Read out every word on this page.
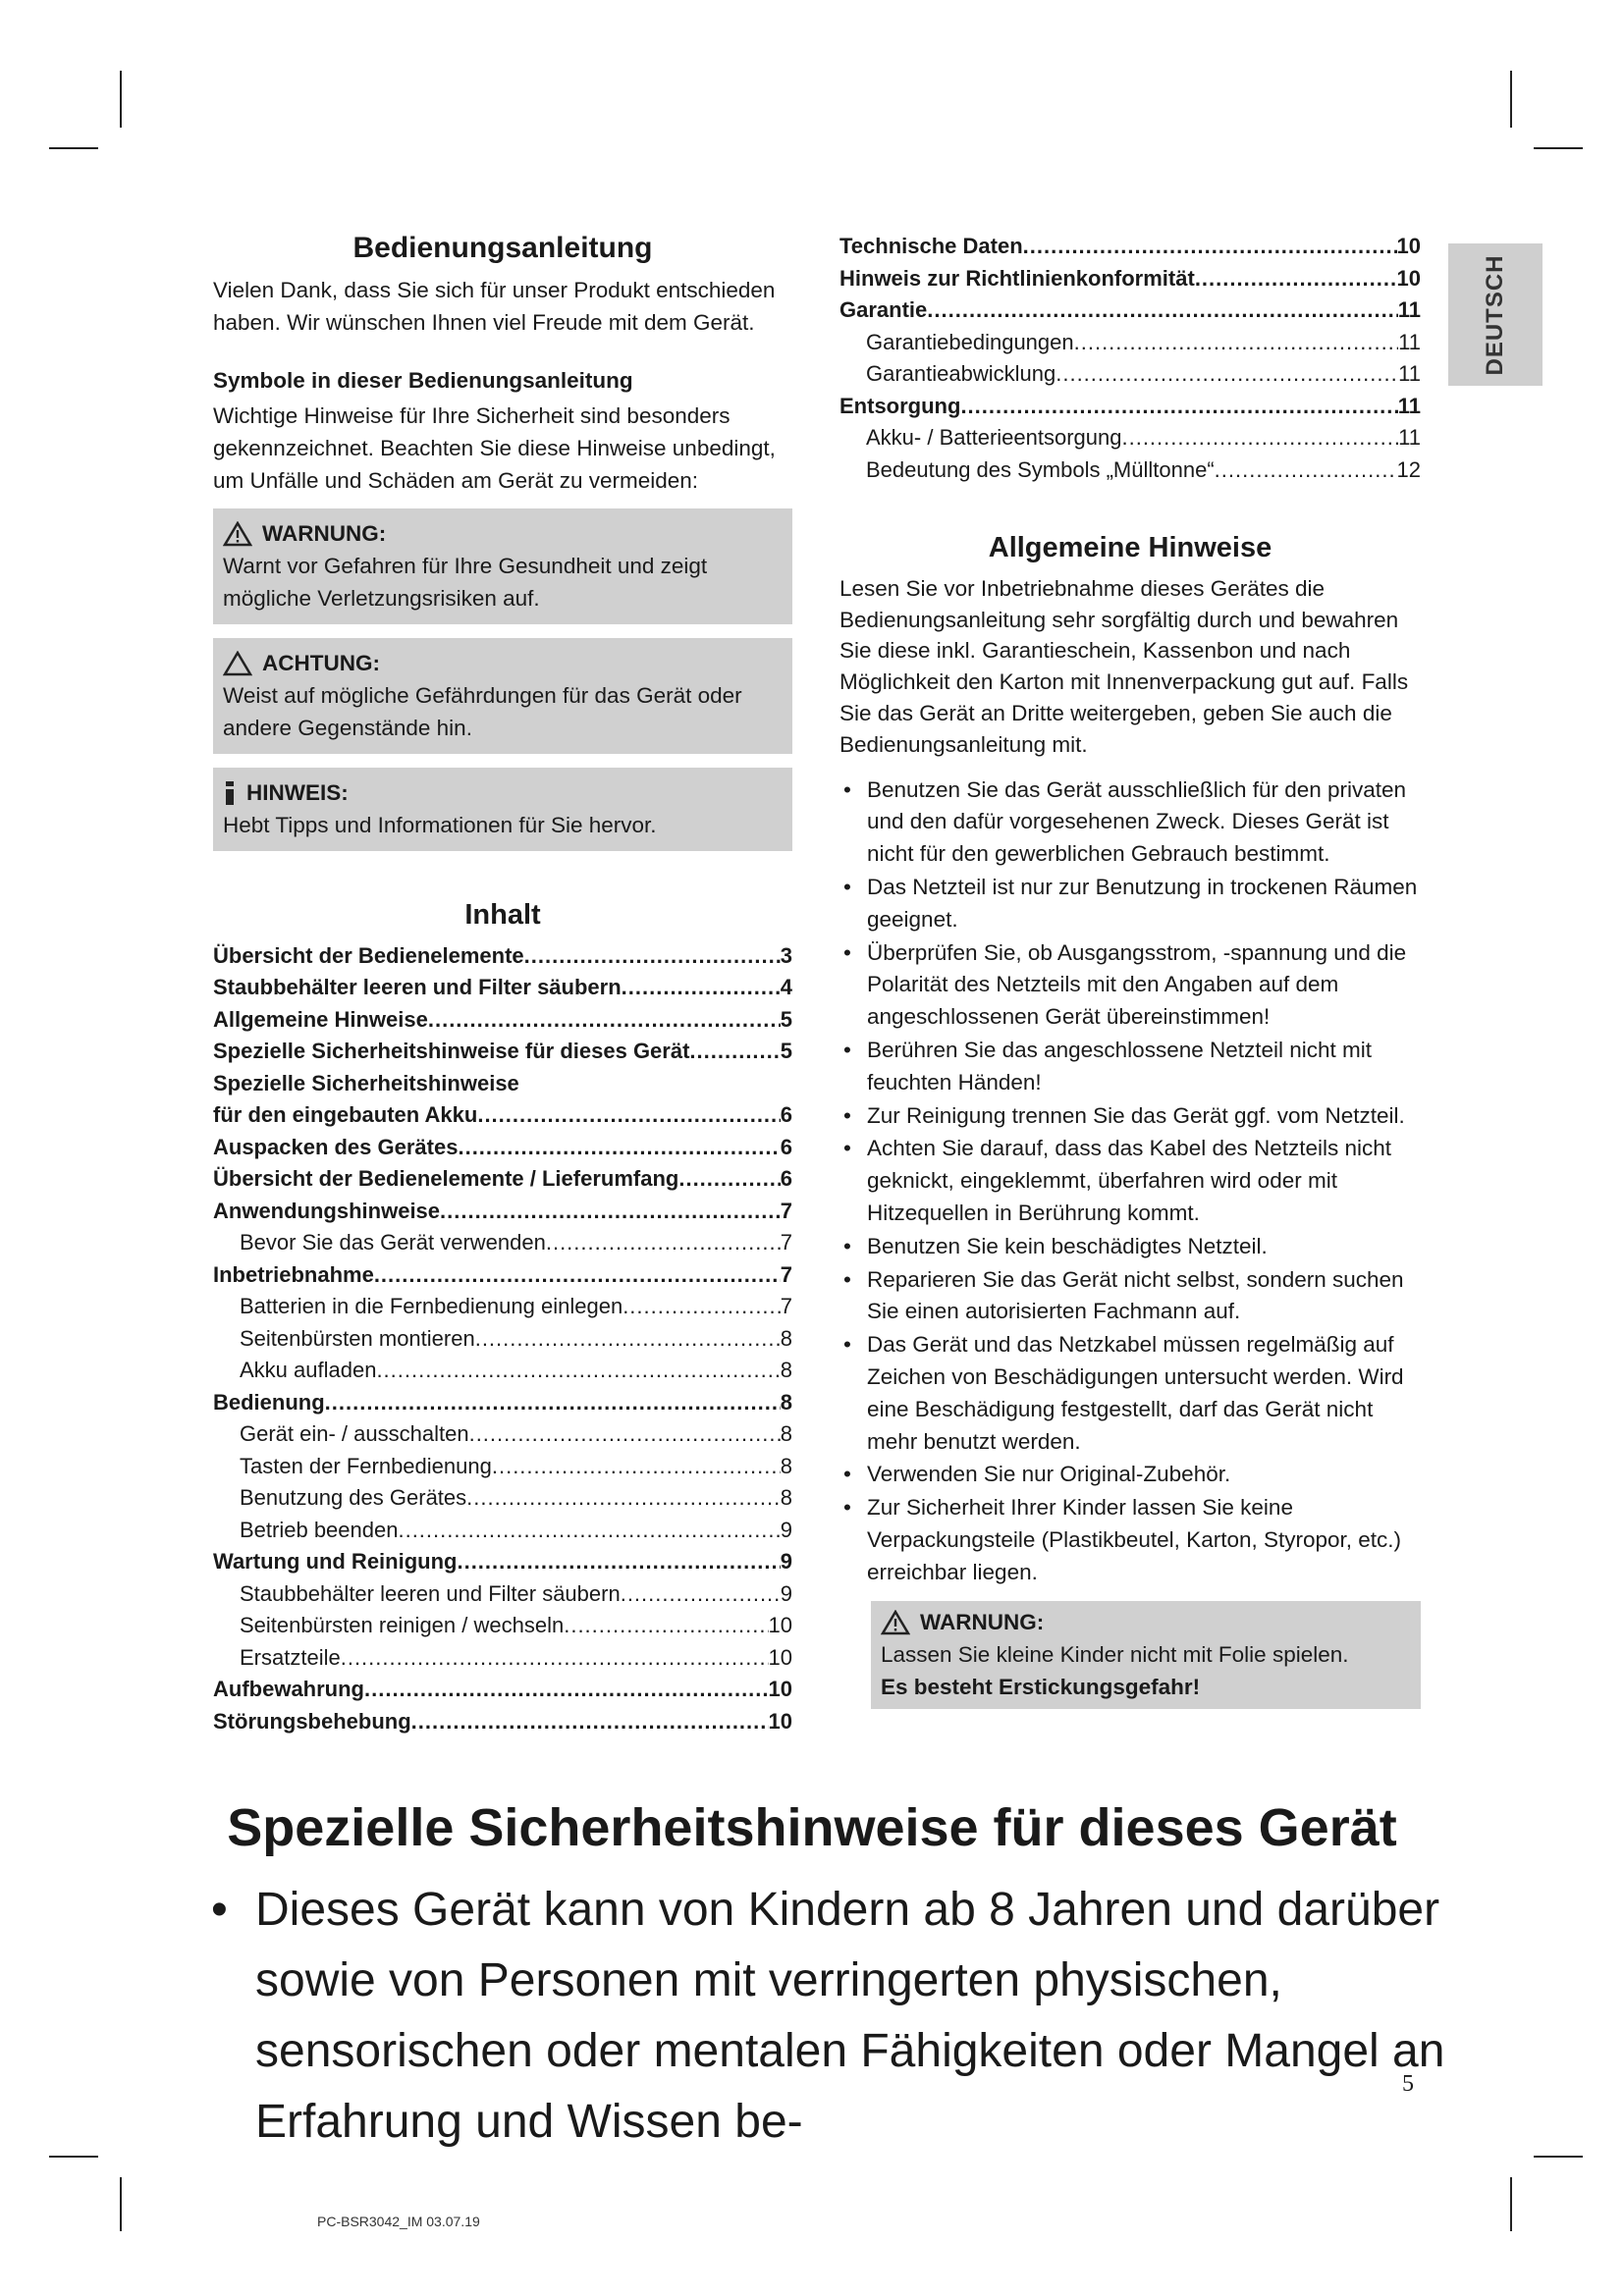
DEUTSCH
Bedienungsanleitung

Vielen Dank, dass Sie sich für unser Produkt entschieden haben. Wir wünschen Ihnen viel Freude mit dem Gerät.

Symbole in dieser Bedienungsanleitung

Wichtige Hinweise für Ihre Sicherheit sind besonders gekennzeichnet. Beachten Sie diese Hinweise unbedingt, um Unfälle und Schäden am Gerät zu vermeiden:

WARNUNG:
Warnt vor Gefahren für Ihre Gesundheit und zeigt mögliche Verletzungsrisiken auf.
ACHTUNG:
Weist auf mögliche Gefährdungen für das Gerät oder andere Gegenstände hin.
HINWEIS:
Hebt Tipps und Informationen für Sie hervor.
Inhalt
Übersicht der Bedienelemente .....	3
Staubbehälter leeren und Filter säubern .....	4
Allgemeine Hinweise .....	5
Spezielle Sicherheitshinweise für dieses Gerät .....	5
Spezielle Sicherheitshinweise
für den eingebauten Akku .....	6
Auspacken des Gerätes .....	6
Übersicht der Bedienelemente / Lieferumfang .....	6
Anwendungshinweise .....	7
Bevor Sie das Gerät verwenden .....	7
Inbetriebnahme .....	7
Batterien in die Fernbedienung einlegen .....	7
Seitenbürsten montieren .....	8
Akku aufladen .....	8
Bedienung .....	8
Gerät ein- / ausschalten .....	8
Tasten der Fernbedienung .....	8
Benutzung des Gerätes .....	8
Betrieb beenden .....	9
Wartung und Reinigung .....	9
Staubbehälter leeren und Filter säubern .....	9
Seitenbürsten reinigen / wechseln .....	10
Ersatzteile .....	10
Aufbewahrung .....	10
Störungsbehebung .....	10
Technische Daten .....	10
Hinweis zur Richtlinienkonformität .....	10
Garantie .....	11
Garantiebedingungen .....	11
Garantieabwicklung .....	11
Entsorgung .....	11
Akku- / Batterieentsorgung .....	11
Bedeutung des Symbols „Mülltonne“ .....	12
Allgemeine Hinweise

Lesen Sie vor Inbetriebnahme dieses Gerätes die Bedienungsanleitung sehr sorgfältig durch und bewahren Sie diese inkl. Garantieschein, Kassenbon und nach Möglichkeit den Karton mit Innenverpackung gut auf. Falls Sie das Gerät an Dritte weitergeben, geben Sie auch die Bedienungsanleitung mit.

• Benutzen Sie das Gerät ausschließlich für den privaten und den dafür vorgesehenen Zweck. Dieses Gerät ist nicht für den gewerblichen Gebrauch bestimmt.
• Das Netzteil ist nur zur Benutzung in trockenen Räumen geeignet.
• Überprüfen Sie, ob Ausgangsstrom, -spannung und die Polarität des Netzteils mit den Angaben auf dem angeschlossenen Gerät übereinstimmen!
• Berühren Sie das angeschlossene Netzteil nicht mit feuchten Händen!
• Zur Reinigung trennen Sie das Gerät ggf. vom Netzteil.
• Achten Sie darauf, dass das Kabel des Netzteils nicht geknickt, eingeklemmt, überfahren wird oder mit Hitzequellen in Berührung kommt.
• Benutzen Sie kein beschädigtes Netzteil.
• Reparieren Sie das Gerät nicht selbst, sondern suchen Sie einen autorisierten Fachmann auf.
• Das Gerät und das Netzkabel müssen regelmäßig auf Zeichen von Beschädigungen untersucht werden. Wird eine Beschädigung festgestellt, darf das Gerät nicht mehr benutzt werden.
• Verwenden Sie nur Original-Zubehör.
• Zur Sicherheit Ihrer Kinder lassen Sie keine Verpackungsteile (Plastikbeutel, Karton, Styropor, etc.) erreichbar liegen.
WARNUNG:
Lassen Sie kleine Kinder nicht mit Folie spielen.
Es besteht Erstickungsgefahr!
Spezielle Sicherheitshinweise für dieses Gerät

• Dieses Gerät kann von Kindern ab 8 Jahren und darüber sowie von Personen mit verringerten physischen, sensorischen oder mentalen Fähigkeiten oder Mangel an Erfahrung und Wissen be-

5
PC-BSR3042_IM 03.07.19
